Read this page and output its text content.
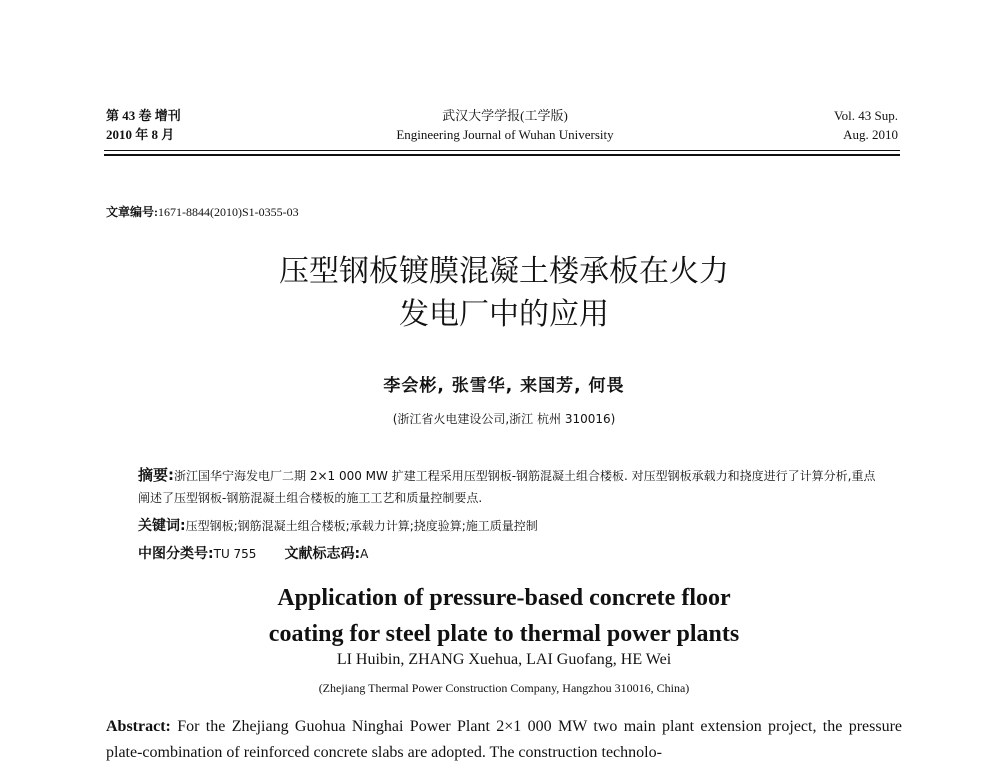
第 43 卷 增刊
2010 年 8 月
武汉大学学报(工学版)
Engineering Journal of Wuhan University
Vol. 43 Sup.
Aug. 2010
文章编号:1671-8844(2010)S1-0355-03
压型钢板镀膜混凝土楼承板在火力
发电厂中的应用
李会彬, 张雪华, 来国芳, 何畏
(浙江省火电建设公司,浙江 杭州 310016)
摘要:浙江国华宁海发电厂二期 2×1 000 MW 扩建工程采用压型钢板-钢筋混凝土组合楼板. 对压型钢板承载力和挠度进行了计算分析,重点阐述了压型钢板-钢筋混凝土组合楼板的施工工艺和质量控制要点.
关键词:压型钢板;钢筋混凝土组合楼板;承载力计算;挠度验算;施工质量控制
中图分类号:TU 755 文献标志码:A
Application of pressure-based concrete floor
coating for steel plate to thermal power plants
LI Huibin, ZHANG Xuehua, LAI Guofang, HE Wei
(Zhejiang Thermal Power Construction Company, Hangzhou 310016, China)
Abstract: For the Zhejiang Guohua Ninghai Power Plant 2×1 000 MW two main plant extension project, the pressure plate-combination of reinforced concrete slabs are adopted. The construction technolo-
